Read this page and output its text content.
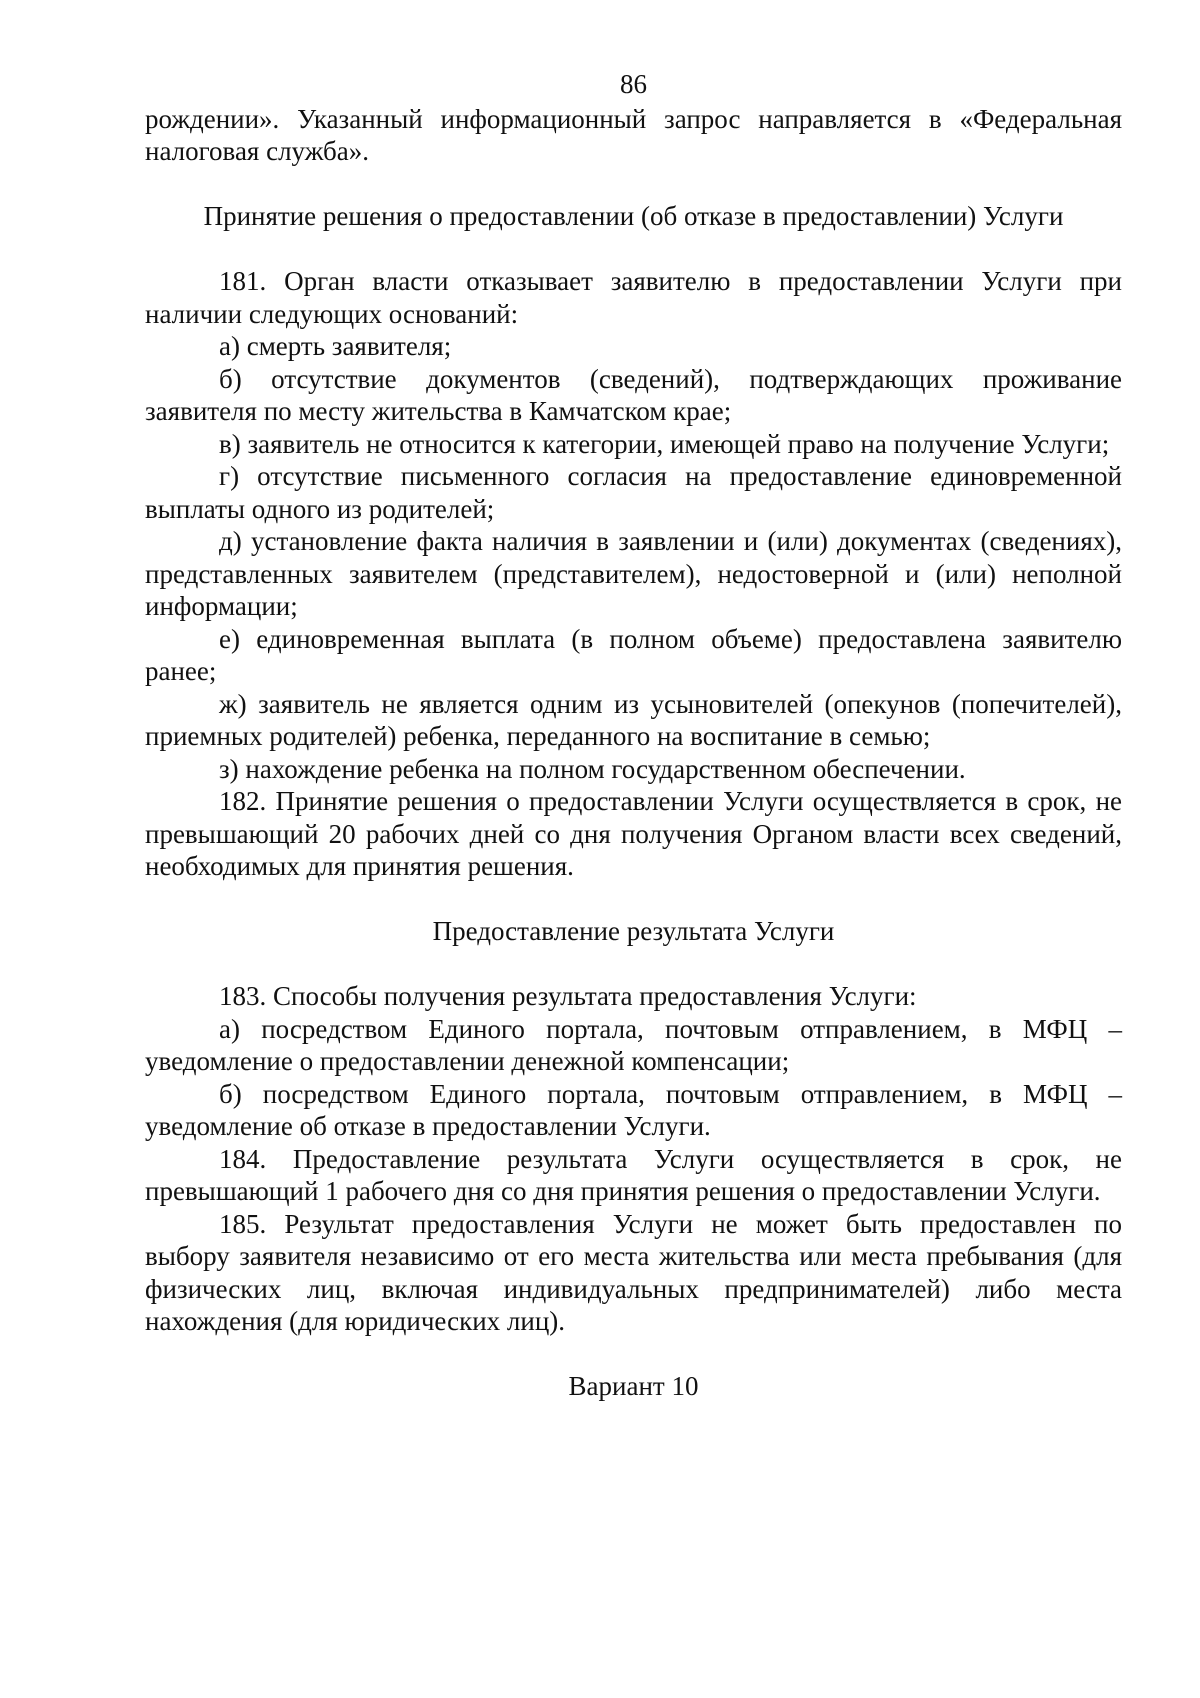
86

рождении». Указанный информационный запрос направляется в «Федеральная налоговая служба».

Принятие решения о предоставлении (об отказе в предоставлении) Услуги

181. Орган власти отказывает заявителю в предоставлении Услуги при наличии следующих оснований:

а) смерть заявителя;

б) отсутствие документов (сведений), подтверждающих проживание заявителя по месту жительства в Камчатском крае;

в) заявитель не относится к категории, имеющей право на получение Услуги;

г) отсутствие письменного согласия на предоставление единовременной выплаты одного из родителей;

д) установление факта наличия в заявлении и (или) документах (сведениях), представленных заявителем (представителем), недостоверной и (или) неполной информации;

е) единовременная выплата (в полном объеме) предоставлена заявителю ранее;

ж) заявитель не является одним из усыновителей (опекунов (попечителей), приемных родителей) ребенка, переданного на воспитание в семью;

з) нахождение ребенка на полном государственном обеспечении.

182. Принятие решения о предоставлении Услуги осуществляется в срок, не превышающий 20 рабочих дней со дня получения Органом власти всех сведений, необходимых для принятия решения.

Предоставление результата Услуги

183. Способы получения результата предоставления Услуги:

а) посредством Единого портала, почтовым отправлением, в МФЦ – уведомление о предоставлении денежной компенсации;

б) посредством Единого портала, почтовым отправлением, в МФЦ – уведомление об отказе в предоставлении Услуги.

184. Предоставление результата Услуги осуществляется в срок, не превышающий 1 рабочего дня со дня принятия решения о предоставлении Услуги.

185. Результат предоставления Услуги не может быть предоставлен по выбору заявителя независимо от его места жительства или места пребывания (для физических лиц, включая индивидуальных предпринимателей) либо места нахождения (для юридических лиц).

Вариант 10
